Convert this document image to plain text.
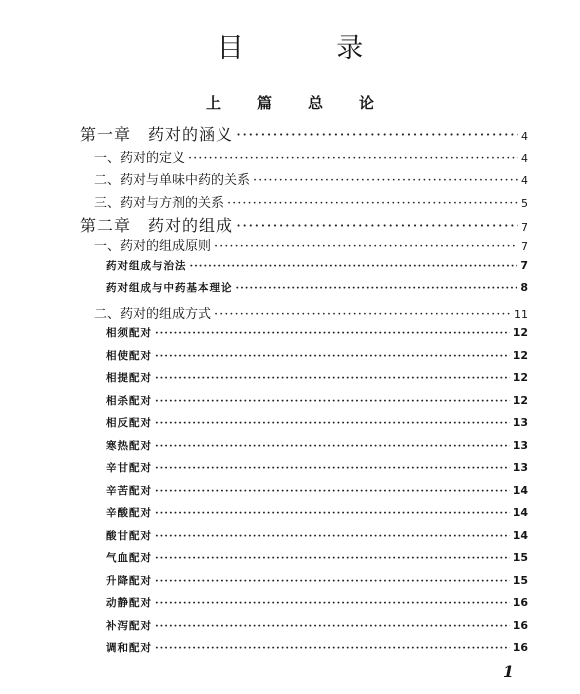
目 录
上篇总论
第一章　药对的涵义 ·····	4
一、药对的定义 ·····	4
二、药对与单味中药的关系 ·····	4
三、药对与方剂的关系 ·····	5
第二章　药对的组成 ·····	7
一、药对的组成原则 ·····	7
药对组成与治法 ·····	7
药对组成与中药基本理论 ·····	8
二、药对的组成方式 ·····	11
相须配对 ·····	12
相使配对 ·····	12
相提配对 ·····	12
相杀配对 ·····	12
相反配对 ·····	13
寒热配对 ·····	13
辛甘配对 ·····	13
辛苦配对 ·····	14
辛酸配对 ·····	14
酸甘配对 ·····	14
气血配对 ·····	15
升降配对 ·····	15
动静配对 ·····	16
补泻配对 ·····	16
调和配对 ·····	16
1
